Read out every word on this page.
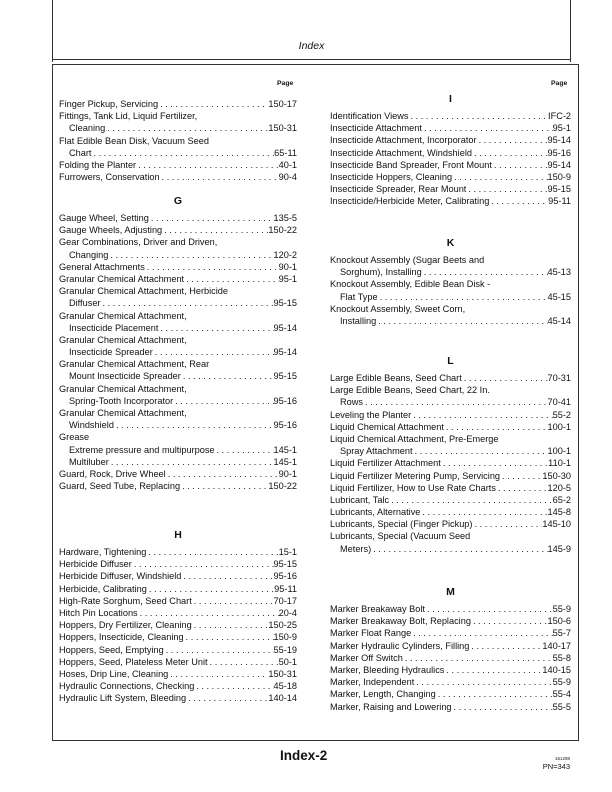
Index
Page	Page
Finger Pickup, Servicing . . .	150-17
Fittings, Tank Lid, Liquid Fertilizer,
Cleaning . . .	150-31
Flat Edible Bean Disk, Vacuum Seed
Chart . . .	65-11
Folding the Planter . . .	40-1
Furrowers, Conservation . . .	90-4
G
Gauge Wheel, Setting . . .	135-5
Gauge Wheels, Adjusting . . .	150-22
Gear Combinations, Driver and Driven,
Changing . . .	120-2
General Attachments . . .	90-1
Granular Chemical Attachment . . .	95-1
Granular Chemical Attachment, Herbicide
Diffuser . . .	95-15
Granular Chemical Attachment,
Insecticide Placement . . .	95-14
Granular Chemical Attachment,
Insecticide Spreader . . .	95-14
Granular Chemical Attachment, Rear
Mount Insecticide Spreader . . .	95-15
Granular Chemical Attachment,
Spring-Tooth Incorporator . . .	95-16
Granular Chemical Attachment,
Windshield . . .	95-16
Grease
Extreme pressure and multipurpose . . .	145-1
Multiluber . . .	145-1
Guard, Rock, Drive Wheel . . .	90-1
Guard, Seed Tube, Replacing . . .	150-22
H
Hardware, Tightening . . .	15-1
Herbicide Diffuser . . .	95-15
Herbicide Diffuser, Windshield . . .	95-16
Herbicide, Calibrating . . .	95-11
High-Rate Sorghum, Seed Chart . . .	70-17
Hitch Pin Locations . . .	20-4
Hoppers, Dry Fertilizer, Cleaning . . .	150-25
Hoppers, Insecticide, Cleaning . . .	150-9
Hoppers, Seed, Emptying . . .	55-19
Hoppers, Seed, Plateless Meter Unit . . .	50-1
Hoses, Drip Line, Cleaning . . .	150-31
Hydraulic Connections, Checking . . .	45-18
Hydraulic Lift System, Bleeding . . .	140-14
I
Identification Views . . .	IFC-2
Insecticide Attachment . . .	95-1
Insecticide Attachment, Incorporator . . .	95-14
Insecticide Attachment, Windshield . . .	95-16
Insecticide Band Spreader, Front Mount . . .	95-14
Insecticide Hoppers, Cleaning . . .	150-9
Insecticide Spreader, Rear Mount . . .	95-15
Insecticide/Herbicide Meter, Calibrating . . .	95-11
K
Knockout Assembly (Sugar Beets and
Sorghum), Installing . . .	45-13
Knockout Assembly, Edible Bean Disk -
Flat Type . . .	45-15
Knockout Assembly, Sweet Corn,
Installing . . .	45-14
L
Large Edible Beans, Seed Chart . . .	70-31
Large Edible Beans, Seed Chart, 22 In.
Rows . . .	70-41
Leveling the Planter . . .	55-2
Liquid Chemical Attachment . . .	100-1
Liquid Chemical Attachment, Pre-Emerge
Spray Attachment . . .	100-1
Liquid Fertilizer Attachment . . .	110-1
Liquid Fertilizer Metering Pump, Servicing . . .	150-30
Liquid Fertilizer, How to Use Rate Charts . . .	120-5
Lubricant, Talc . . .	65-2
Lubricants, Alternative . . .	145-8
Lubricants, Special (Finger Pickup) . . .	145-10
Lubricants, Special (Vacuum Seed
Meters) . . .	145-9
M
Marker Breakaway Bolt . . .	55-9
Marker Breakaway Bolt, Replacing . . .	150-6
Marker Float Range . . .	55-7
Marker Hydraulic Cylinders, Filling . . .	140-17
Marker Off Switch . . .	55-8
Marker, Bleeding Hydraulics . . .	140-15
Marker, Independent . . .	55-9
Marker, Length, Changing . . .	55-4
Marker, Raising and Lowering . . .	55-5
Index-2	161298
PN=343
